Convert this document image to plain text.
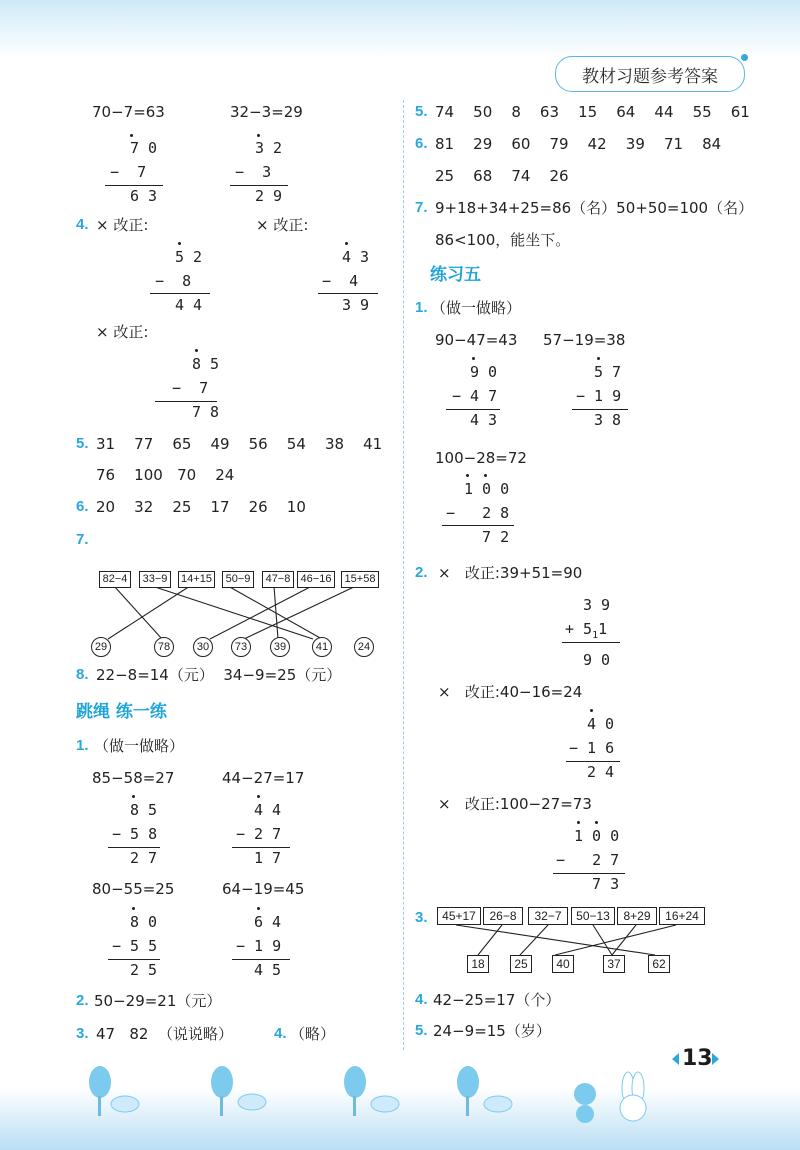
教材习题参考答案
70−7=63	32−3=29
7 0
−  7
6 3
3 2
−  3
2 9
4. × 改正:	× 改正:
5 2
−  8
4 4
4 3
−  4
3 9
× 改正:
8 5
−  7
7 8
5. 31    77    65    49    56    54    38    41
76    100   70    24
6. 20    32    25    17    26    10
7.
82−4	33−9	14+15	50−9	47−8 46−16	15+58
29	78	30	73	39	41	24
8. 22−8=14（元）  34−9=25（元）
跳绳 练一练
1. （做一做略）
85−58=27	44−27=17
8 5
− 5 8
2 7
4 4
− 2 7
1 7
80−55=25	64−19=45
8 0
− 5 5
2 5
6 4
− 1 9
4 5
2. 50−29=21（元）
3. 47   82  （说说略）	4. （略）
5. 74    50    8    63    15    64    44    55    61
6. 81    29    60    79    42    39    71    84
25    68    74    26
7. 9+18+34+25=86（名）50+50=100（名）
86<100，能坐下。
练习五
1. （做一做略）
90−47=43 57−19=38
9 0
− 4 7
4 3
5 7
− 1 9
3 8
100−28=72
1 0 0
−   2 8
7 2
2. ×   改正:39+51=90
3 9
+ $5_11$
9 0
×   改正:40−16=24
4 0
− 1 6
2 4
×   改正:100−27=73
1 0 0
−   2 7
7 3
3.	45+17	26−8	32−7	50−13	8+29	16+24
18	25	40	37	62
4. 42−25=17（个）
5. 24−9=15（岁）
13
